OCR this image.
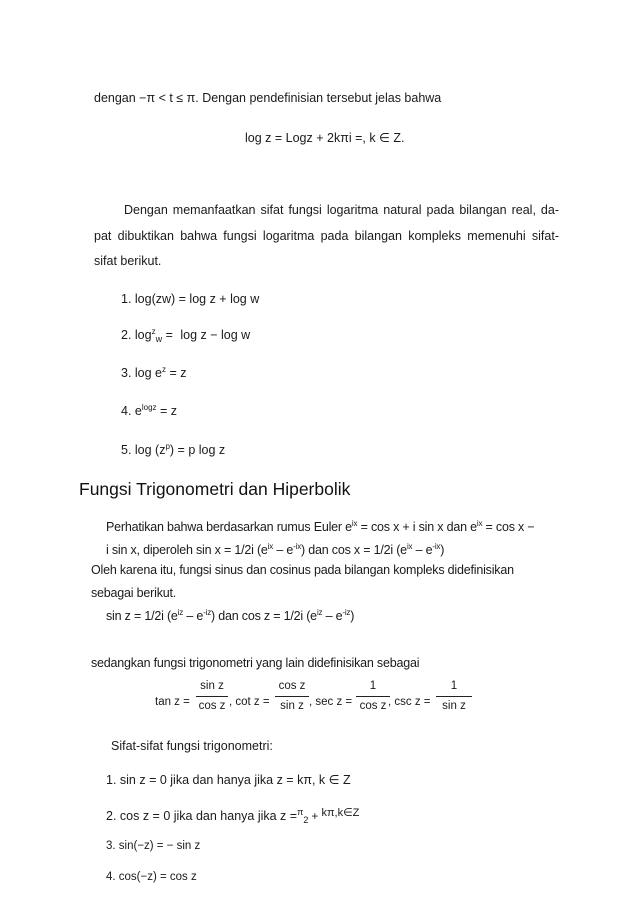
dengan −π < t ≤ π. Dengan pendefinisian tersebut jelas bahwa
log z = Logz + 2kπi =, k ∈ Z.
Dengan memanfaatkan sifat fungsi logaritma natural pada bilangan real, da-
pat dibuktikan bahwa fungsi logaritma pada bilangan kompleks memenuhi sifat-
sifat berikut.
1. log(zw) = log z + log w
2. $\log^z_w = \log z - \log w$
3. $\log e^z = z$
4. $e^{logz} = z$
5. $\log (z^p) = p$ log z
Fungsi Trigonometri dan Hiperbolik
Perhatikan bahwa berdasarkan rumus Euler $e^{ix} = \cos x + i$ sin x dan $e^{ix} = \cos x$ −
i sin x, diperoleh sin x = 1/2i $(e^{ix} - e^{-ix})$ dan cos x = 1/2i $(e^{ix} - e^{-ix})$
Oleh karena itu, fungsi sinus dan cosinus pada bilangan kompleks didefinisikan
sebagai berikut.
sin z = 1/2i $(e^{iz} - e^{-iz})$ dan cos z = 1/2i $(e^{iz} - e^{-iz})$
sedangkan fungsi trigonometri yang lain didefinisikan sebagai
tan z =
sin z
cos z , cot z =
cos z
sin z , sec z =
1
cos z , csc z =
1
sin z
Sifat-sifat fungsi trigonometri:
1. sin z = 0 jika dan hanya jika z = kπ, k ∈ Z
2. cos z = 0 jika dan hanya jika z =$^\pi_2$ + $^{k\pi,k\in Z}$
3. sin(−z) = − sin z
4. cos(−z) = cos z
